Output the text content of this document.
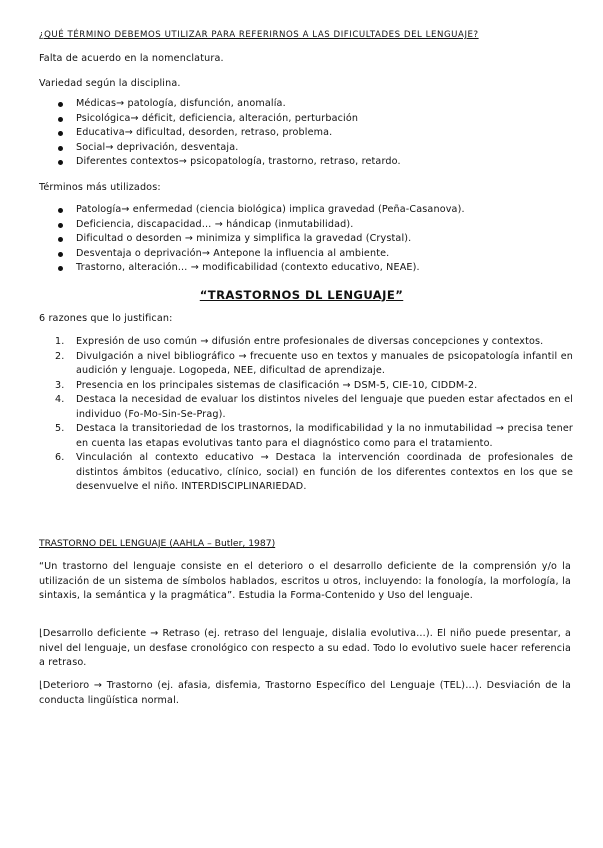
¿QUÉ TÉRMINO DEBEMOS UTILIZAR PARA REFERIRNOS A LAS DIFICULTADES DEL LENGUAJE?
Falta de acuerdo en la nomenclatura.
Variedad según la disciplina.
Médicas→ patología, disfunción, anomalía.
Psicológica→ déficit, deficiencia, alteración, perturbación
Educativa→ dificultad, desorden, retraso, problema.
Social→ deprivación, desventaja.
Diferentes contextos→ psicopatología, trastorno, retraso, retardo.
Términos más utilizados:
Patología→ enfermedad (ciencia biológica) implica gravedad (Peña-Casanova).
Deficiencia, discapacidad… → hándicap (inmutabilidad).
Dificultad o desorden → minimiza y simplifica la gravedad (Crystal).
Desventaja o deprivación→ Antepone la influencia al ambiente.
Trastorno, alteración… → modificabilidad (contexto educativo, NEAE).
“TRASTORNOS DL LENGUAJE”
6 razones que lo justifican:
1. Expresión de uso común → difusión entre profesionales de diversas concepciones y contextos.
2. Divulgación a nivel bibliográfico → frecuente uso en textos y manuales de psicopatología infantil en audición y lenguaje. Logopeda, NEE, dificultad de aprendizaje.
3. Presencia en los principales sistemas de clasificación → DSM-5, CIE-10, CIDDM-2.
4. Destaca la necesidad de evaluar los distintos niveles del lenguaje que pueden estar afectados en el individuo (Fo-Mo-Sin-Se-Prag).
5. Destaca la transitoriedad de los trastornos, la modificabilidad y la no inmutabilidad → precisa tener en cuenta las etapas evolutivas tanto para el diagnóstico como para el tratamiento.
6. Vinculación al contexto educativo → Destaca la intervención coordinada de profesionales de distintos ámbitos (educativo, clínico, social) en función de los diferentes contextos en los que se desenvuelve el niño. INTERDISCIPLINARIEDAD.
TRASTORNO DEL LENGUAJE (AAHLA – Butler, 1987)
“Un trastorno del lenguaje consiste en el deterioro o el desarrollo deficiente de la comprensión y/o la utilización de un sistema de símbolos hablados, escritos u otros, incluyendo: la fonología, la morfología, la sintaxis, la semántica y la pragmática”. Estudia la Forma-Contenido y Uso del lenguaje.
⌊Desarrollo deficiente → Retraso (ej. retraso del lenguaje, dislalia evolutiva…). El niño puede presentar, a nivel del lenguaje, un desfase cronológico con respecto a su edad. Todo lo evolutivo suele hacer referencia a retraso.
⌊Deterioro → Trastorno (ej. afasia, disfemia, Trastorno Específico del Lenguaje (TEL)…). Desviación de la conducta lingüística normal.
